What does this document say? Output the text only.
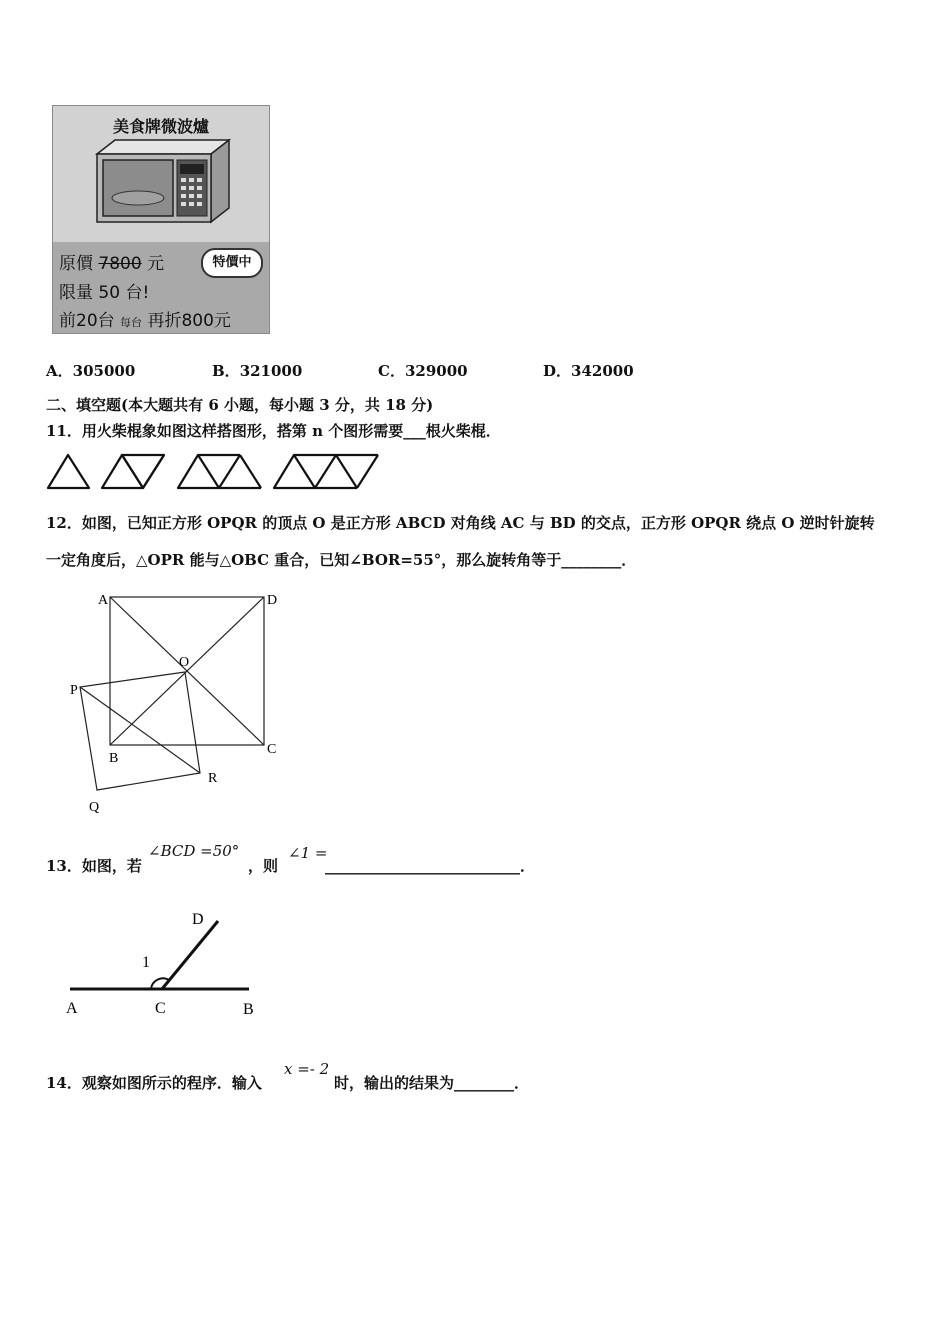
美食牌微波爐
原價 7800 元	特價中
限量 50 台!
前20台 每台 再折800元
A．305000	B．321000	C．329000	D．342000
二、填空题(本大题共有 6 小题，每小题 3 分，共 18 分)
11．用火柴棍象如图这样搭图形，搭第 n 个图形需要___根火柴棍．
12．如图，已知正方形 OPQR 的顶点 O 是正方形 ABCD 对角线 AC 与 BD 的交点，正方形 OPQR 绕点 O 逆时针旋转
一定角度后，△OPR 能与△OBC 重合，已知∠BOR=55°，那么旋转角等于________．
A	D
O
P
B
C
R
Q
13．如图，若
∠BCD =50°
，则
∠1 =
__________________________．
D
1
A	C	B
14．观察如图所示的程序．输入
x =- 2
时，输出的结果为________．
